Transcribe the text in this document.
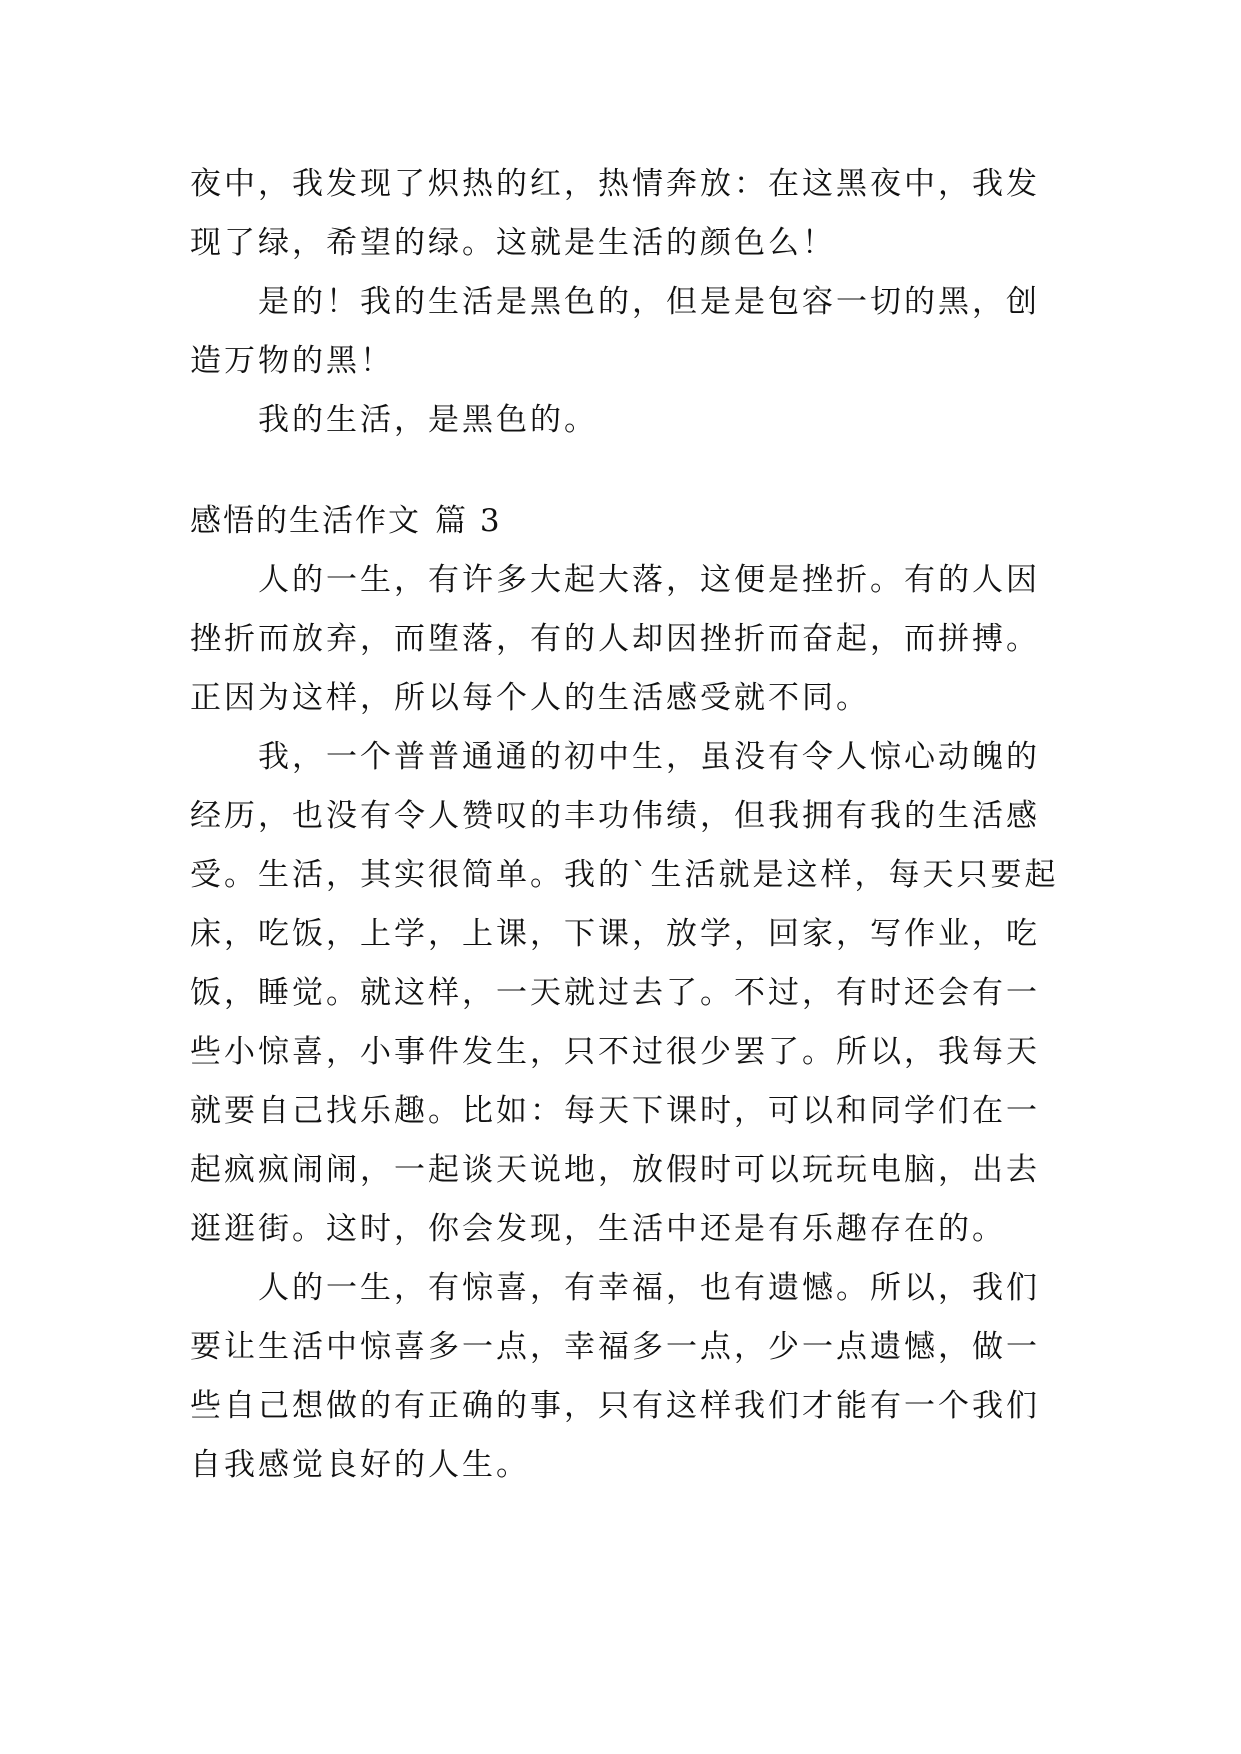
夜中，我发现了炽热的红，热情奔放：在这黑夜中，我发现了绿，希望的绿。这就是生活的颜色么！

是的！我的生活是黑色的，但是是包容一切的黑，创造万物的黑！

我的生活，是黑色的。

感悟的生活作文 篇 3

人的一生，有许多大起大落，这便是挫折。有的人因挫折而放弃，而堕落，有的人却因挫折而奋起，而拼搏。正因为这样，所以每个人的生活感受就不同。

我，一个普普通通的初中生，虽没有令人惊心动魄的经历，也没有令人赞叹的丰功伟绩，但我拥有我的生活感受。生活，其实很简单。我的`生活就是这样，每天只要起床，吃饭，上学，上课，下课，放学，回家，写作业，吃饭，睡觉。就这样，一天就过去了。不过，有时还会有一些小惊喜，小事件发生，只不过很少罢了。所以，我每天就要自己找乐趣。比如：每天下课时，可以和同学们在一起疯疯闹闹，一起谈天说地，放假时可以玩玩电脑，出去逛逛街。这时，你会发现，生活中还是有乐趣存在的。

人的一生，有惊喜，有幸福，也有遗憾。所以，我们要让生活中惊喜多一点，幸福多一点，少一点遗憾，做一些自己想做的有正确的事，只有这样我们才能有一个我们自我感觉良好的人生。
